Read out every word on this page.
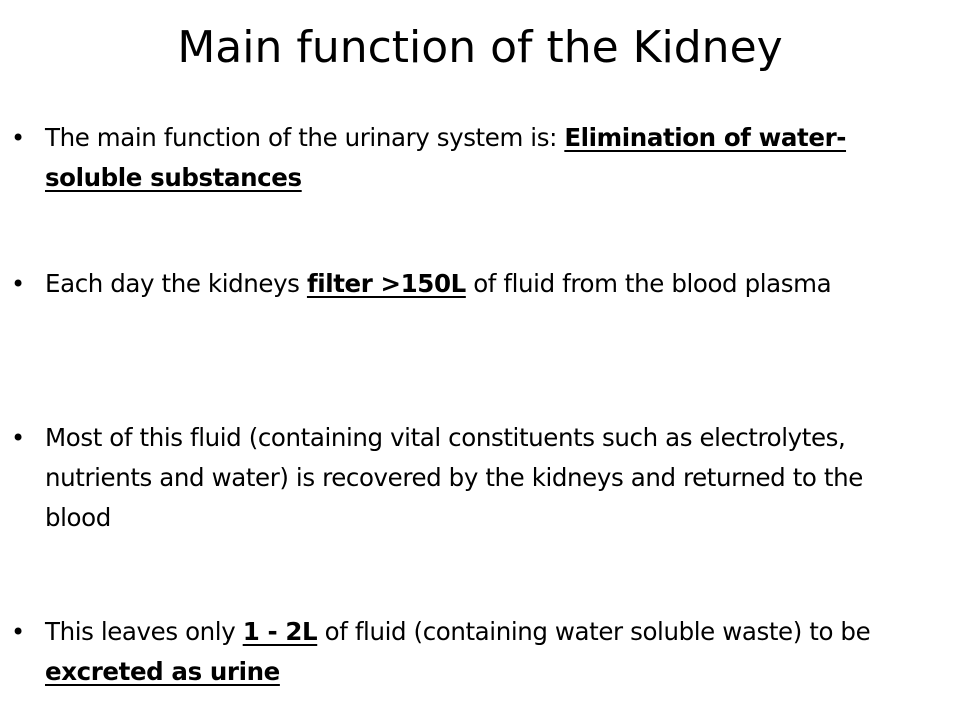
Main function of the Kidney
• The main function of the urinary system is: Elimination of water-soluble substances
• Each day the kidneys filter >150L of fluid from the blood plasma
• Most of this fluid (containing vital constituents such as electrolytes, nutrients and water) is recovered by the kidneys and returned to the blood
• This leaves only 1 - 2L of fluid (containing water soluble waste) to be excreted as urine
